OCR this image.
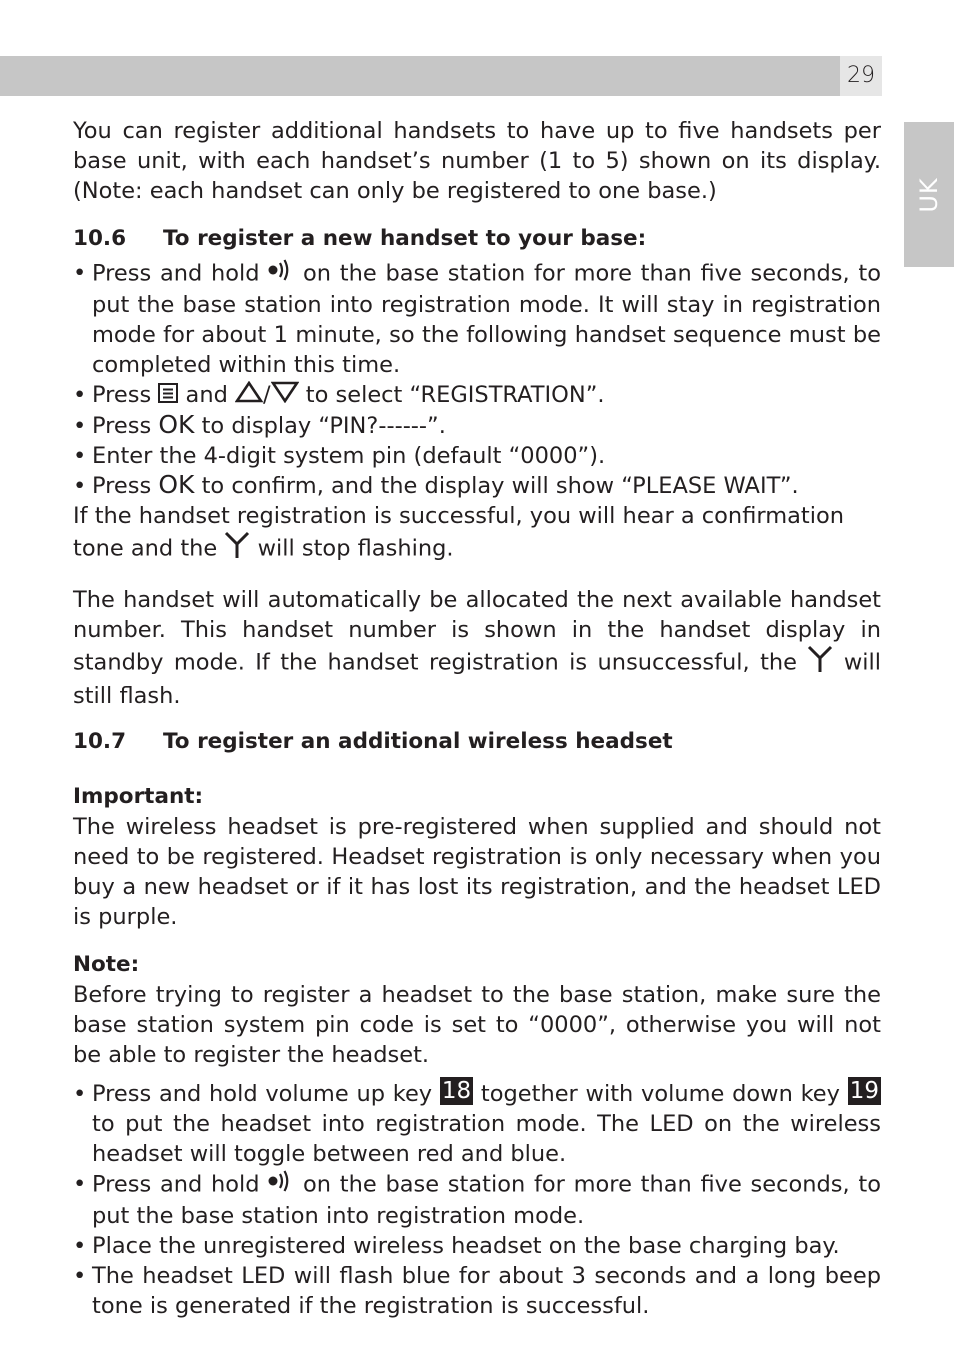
29
UK

You can register additional handsets to have up to five handsets per base unit, with each handset’s number (1 to 5) shown on its display. (Note: each handset can only be registered to one base.)

10.6 To register a new handset to your base:

• Press and hold on the base station for more than five seconds, to put the base station into registration mode. It will stay in registration mode for about 1 minute, so the following handset sequence must be completed within this time.
• Press and / to select “REGISTRATION”.
• Press OK to display “PIN?------”.
• Enter the 4-digit system pin (default “0000”).
• Press OK to confirm, and the display will show “PLEASE WAIT”.

If the handset registration is successful, you will hear a confirmation tone and the will stop flashing.

The handset will automatically be allocated the next available handset number. This handset number is shown in the handset display in standby mode. If the handset registration is unsuccessful, the will still flash.

10.7 To register an additional wireless headset

Important:

The wireless headset is pre-registered when supplied and should not need to be registered. Headset registration is only necessary when you buy a new headset or if it has lost its registration, and the headset LED is purple.

Note:

Before trying to register a headset to the base station, make sure the base station system pin code is set to “0000”, otherwise you will not be able to register the headset.

• Press and hold volume up key 18 together with volume down key 19 to put the headset into registration mode. The LED on the wireless headset will toggle between red and blue.
• Press and hold on the base station for more than five seconds, to put the base station into registration mode.
• Place the unregistered wireless headset on the base charging bay.
• The headset LED will flash blue for about 3 seconds and a long beep tone is generated if the registration is successful.
